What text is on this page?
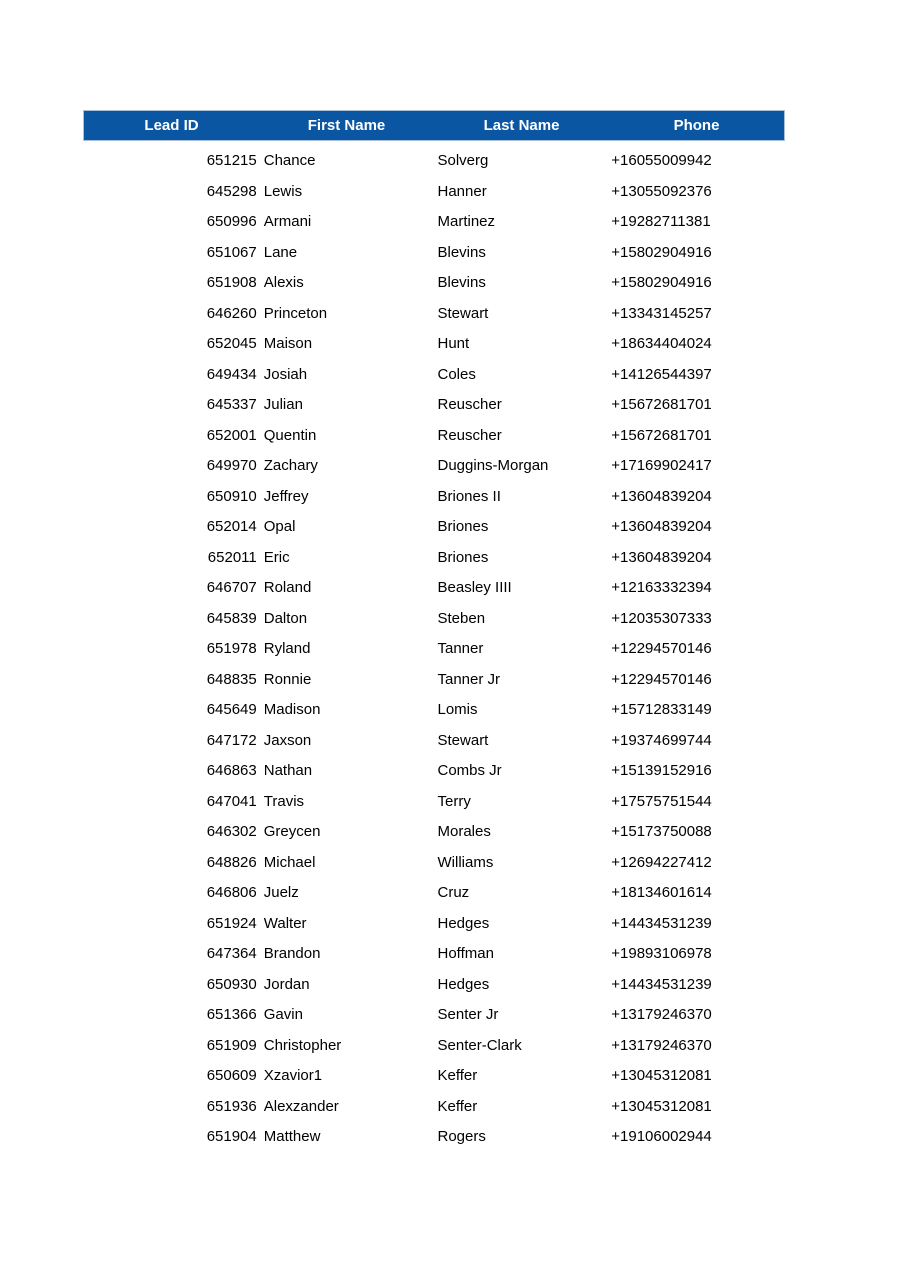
Lead ID	First Name	Last Name	Phone
651215 Chance	Solverg	+16055009942
645298 Lewis	Hanner	+13055092376
650996 Armani	Martinez	+19282711381
651067 Lane	Blevins	+15802904916
651908 Alexis	Blevins	+15802904916
646260 Princeton	Stewart	+13343145257
652045 Maison	Hunt	+18634404024
649434 Josiah	Coles	+14126544397
645337 Julian	Reuscher	+15672681701
652001 Quentin	Reuscher	+15672681701
649970 Zachary	Duggins-Morgan	+17169902417
650910 Jeffrey	Briones II	+13604839204
652014 Opal	Briones	+13604839204
652011 Eric	Briones	+13604839204
646707 Roland	Beasley IIII	+12163332394
645839 Dalton	Steben	+12035307333
651978 Ryland	Tanner	+12294570146
648835 Ronnie	Tanner Jr	+12294570146
645649 Madison	Lomis	+15712833149
647172 Jaxson	Stewart	+19374699744
646863 Nathan	Combs Jr	+15139152916
647041 Travis	Terry	+17575751544
646302 Greycen	Morales	+15173750088
648826 Michael	Williams	+12694227412
646806 Juelz	Cruz	+18134601614
651924 Walter	Hedges	+14434531239
647364 Brandon	Hoffman	+19893106978
650930 Jordan	Hedges	+14434531239
651366 Gavin	Senter Jr	+13179246370
651909 Christopher	Senter-Clark	+13179246370
650609 Xzavior1	Keffer	+13045312081
651936 Alexzander	Keffer	+13045312081
651904 Matthew	Rogers	+19106002944
